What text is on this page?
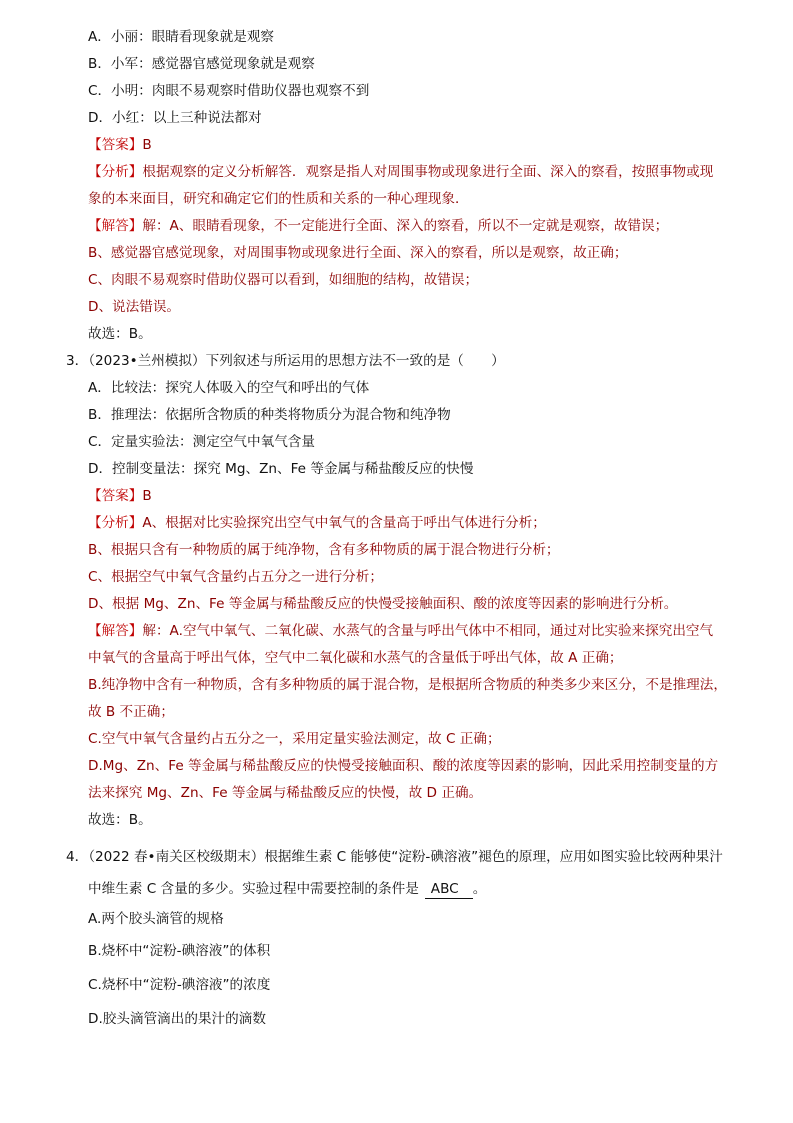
A．小丽：眼睛看现象就是观察
B．小军：感觉器官感觉现象就是观察
C．小明：肉眼不易观察时借助仪器也观察不到
D．小红：以上三种说法都对
【答案】B
【分析】根据观察的定义分析解答．观察是指人对周围事物或现象进行全面、深入的察看，按照事物或现
象的本来面目，研究和确定它们的性质和关系的一种心理现象．
【解答】解：A、眼睛看现象，不一定能进行全面、深入的察看，所以不一定就是观察，故错误；
B、感觉器官感觉现象，对周围事物或现象进行全面、深入的察看，所以是观察，故正确；
C、肉眼不易观察时借助仪器可以看到，如细胞的结构，故错误；
D、说法错误。
故选：B。
3．（2023•兰州模拟）下列叙述与所运用的思想方法不一致的是（　　）
A．比较法：探究人体吸入的空气和呼出的气体
B．推理法：依据所含物质的种类将物质分为混合物和纯净物
C．定量实验法：测定空气中氧气含量
D．控制变量法：探究 Mg、Zn、Fe 等金属与稀盐酸反应的快慢
【答案】B
【分析】A、根据对比实验探究出空气中氧气的含量高于呼出气体进行分析；
B、根据只含有一种物质的属于纯净物，含有多种物质的属于混合物进行分析；
C、根据空气中氧气含量约占五分之一进行分析；
D、根据 Mg、Zn、Fe 等金属与稀盐酸反应的快慢受接触面积、酸的浓度等因素的影响进行分析。
【解答】解：A.空气中氧气、二氧化碳、水蒸气的含量与呼出气体中不相同，通过对比实验来探究出空气
中氧气的含量高于呼出气体，空气中二氧化碳和水蒸气的含量低于呼出气体，故 A 正确；
B.纯净物中含有一种物质，含有多种物质的属于混合物，是根据所含物质的种类多少来区分，不是推理法，
故 B 不正确；
C.空气中氧气含量约占五分之一，采用定量实验法测定，故 C 正确；
D.Mg、Zn、Fe 等金属与稀盐酸反应的快慢受接触面积、酸的浓度等因素的影响，因此采用控制变量的方
法来探究 Mg、Zn、Fe 等金属与稀盐酸反应的快慢，故 D 正确。
故选：B。
4．（2022 春•南关区校级期末）根据维生素 C 能够使“淀粉-碘溶液”褪色的原理，应用如图实验比较两种果汁
中维生素 C 含量的多少。实验过程中需要控制的条件是 ABC 。
A.两个胶头滴管的规格
B.烧杯中“淀粉-碘溶液”的体积
C.烧杯中“淀粉-碘溶液”的浓度
D.胶头滴管滴出的果汁的滴数
